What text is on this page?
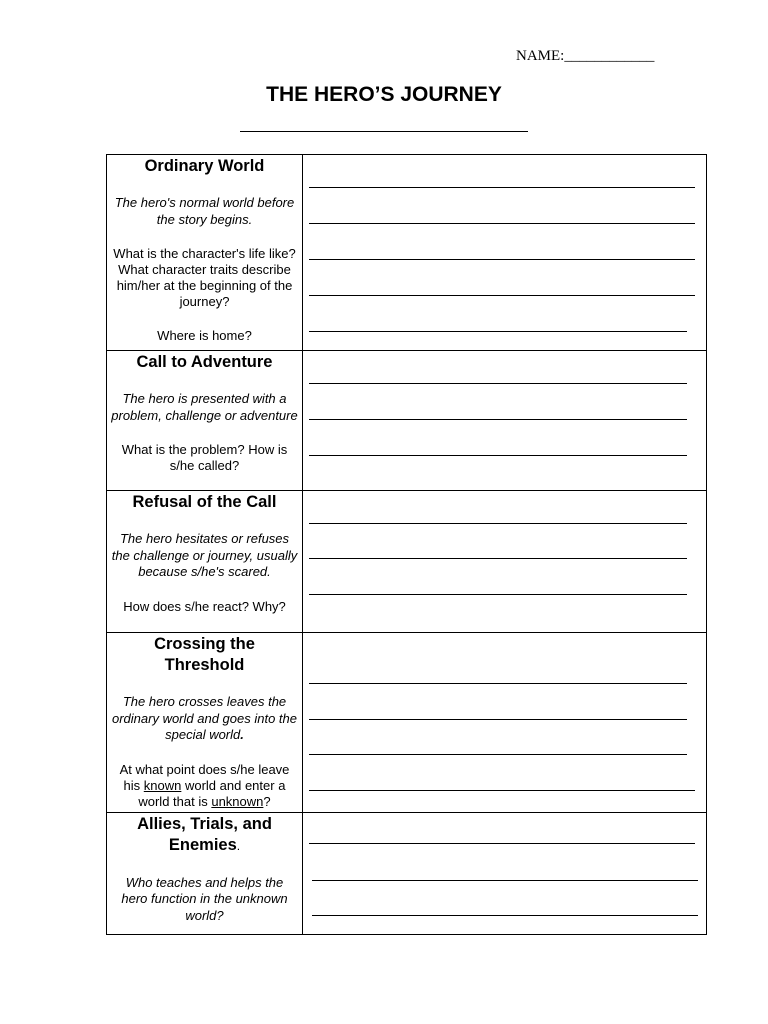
NAME:____________
THE HERO’S JOURNEY
Ordinary World
The hero's normal world before the story begins.
What is the character's life like? What character traits describe him/her at the beginning of the journey?
Where is home?	

Call to Adventure
The hero is presented with a problem, challenge or adventure
What is the problem? How is s/he called?	

Refusal of the Call
The hero hesitates or refuses the challenge or journey, usually because s/he's scared.
How does s/he react? Why?	

Crossing the
Threshold
The hero crosses leaves the ordinary world and goes into the special world.
At what point does s/he leave his known world and enter a world that is unknown?	

Allies, Trials, and
Enemies.
Who teaches and helps the hero function in the unknown world?	
